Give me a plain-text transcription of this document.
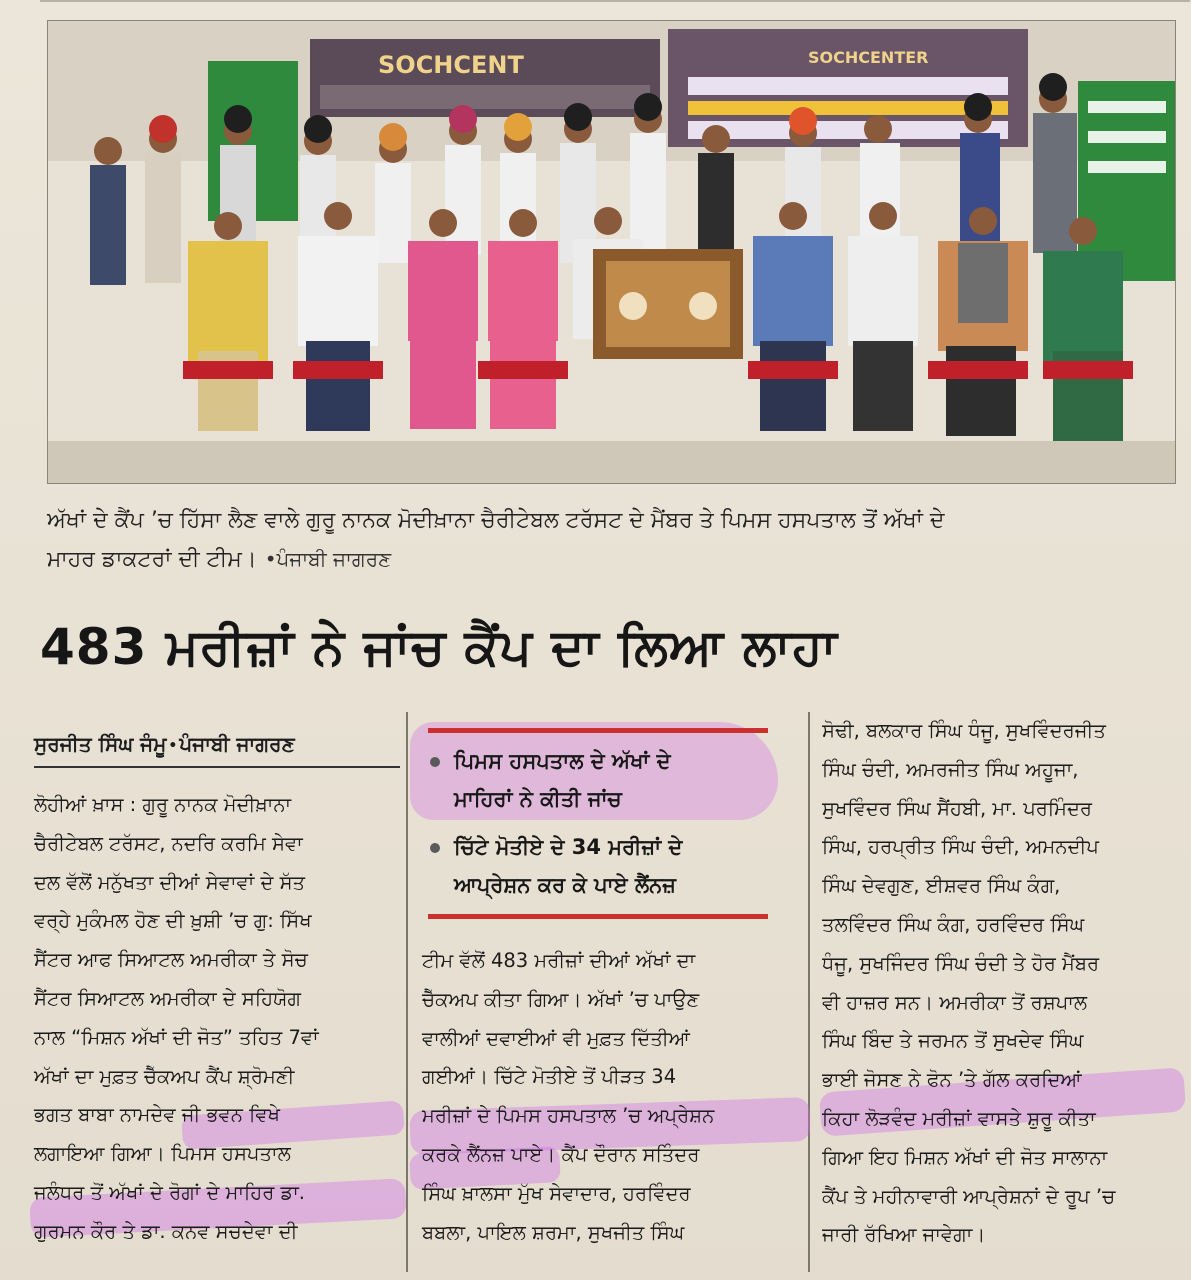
SOCHCENT	SOCHCENTER
ਅੱਖਾਂ ਦੇ ਕੈਂਪ ’ਚ ਹਿੱਸਾ ਲੈਣ ਵਾਲੇ ਗੁਰੂ ਨਾਨਕ ਮੋਦੀਖ਼ਾਨਾ ਚੈਰੀਟੇਬਲ ਟਰੱਸਟ ਦੇ ਮੈਂਬਰ ਤੇ ਪਿਮਸ ਹਸਪਤਾਲ ਤੋਂ ਅੱਖਾਂ ਦੇ
ਮਾਹਰ ਡਾਕਟਰਾਂ ਦੀ ਟੀਮ। •ਪੰਜਾਬੀ ਜਾਗਰਣ
483 ਮਰੀਜ਼ਾਂ ਨੇ ਜਾਂਚ ਕੈਂਪ ਦਾ ਲਿਆ ਲਾਹਾ
ਸੁਰਜੀਤ ਸਿੰਘ ਜੰਮੂ • ਪੰਜਾਬੀ ਜਾਗਰਣ
ਪਿਮਸ ਹਸਪਤਾਲ ਦੇ ਅੱਖਾਂ ਦੇ
ਮਾਹਿਰਾਂ ਨੇ ਕੀਤੀ ਜਾਂਚ
ਚਿੱਟੇ ਮੋਤੀਏ ਦੇ 34 ਮਰੀਜ਼ਾਂ ਦੇ
ਆਪ੍ਰੇਸ਼ਨ ਕਰ ਕੇ ਪਾਏ ਲੈਂਨਜ਼

ਲੋਹੀਆਂ ਖ਼ਾਸ : ਗੁਰੂ ਨਾਨਕ ਮੋਦੀਖ਼ਾਨਾ

ਚੈਰੀਟੇਬਲ ਟਰੱਸਟ, ਨਦਰਿ ਕਰਮਿ ਸੇਵਾ

ਦਲ ਵੱਲੋਂ ਮਨੁੱਖਤਾ ਦੀਆਂ ਸੇਵਾਵਾਂ ਦੇ ਸੱਤ

ਵਰ੍ਹੇ ਮੁਕੰਮਲ ਹੋਣ ਦੀ ਖ਼ੁਸ਼ੀ ’ਚ ਗੁ: ਸਿੱਖ

ਸੈਂਟਰ ਆਫ ਸਿਆਟਲ ਅਮਰੀਕਾ ਤੇ ਸੋਚ

ਸੈਂਟਰ ਸਿਆਟਲ ਅਮਰੀਕਾ ਦੇ ਸਹਿਯੋਗ

ਨਾਲ “ਮਿਸ਼ਨ ਅੱਖਾਂ ਦੀ ਜੋਤ” ਤਹਿਤ 7ਵਾਂ

ਅੱਖਾਂ ਦਾ ਮੁਫ਼ਤ ਚੈੱਕਅਪ ਕੈਂਪ ਸ਼੍ਰੋਮਣੀ

ਭਗਤ ਬਾਬਾ ਨਾਮਦੇਵ ਜੀ ਭਵਨ ਵਿਖੇ

ਲਗਾਇਆ ਗਿਆ। ਪਿਮਸ ਹਸਪਤਾਲ

ਜਲੰਧਰ ਤੋਂ ਅੱਖਾਂ ਦੇ ਰੋਗਾਂ ਦੇ ਮਾਹਿਰ ਡਾ.

ਗੁਰਮਨ ਕੌਰ ਤੇ ਡਾ. ਕਨਵ ਸਚਦੇਵਾ ਦੀ

ਟੀਮ ਵੱਲੋਂ 483 ਮਰੀਜ਼ਾਂ ਦੀਆਂ ਅੱਖਾਂ ਦਾ

ਚੈੱਕਅਪ ਕੀਤਾ ਗਿਆ। ਅੱਖਾਂ ’ਚ ਪਾਉਣ

ਵਾਲੀਆਂ ਦਵਾਈਆਂ ਵੀ ਮੁਫ਼ਤ ਦਿੱਤੀਆਂ

ਗਈਆਂ। ਚਿੱਟੇ ਮੋਤੀਏ ਤੋਂ ਪੀੜਤ 34

ਮਰੀਜ਼ਾਂ ਦੇ ਪਿਮਸ ਹਸਪਤਾਲ ’ਚ ਅਪ੍ਰੇਸ਼ਨ

ਕਰਕੇ ਲੈਂਨਜ਼ ਪਾਏ। ਕੈਂਪ ਦੌਰਾਨ ਸਤਿੰਦਰ

ਸਿੰਘ ਖ਼ਾਲਸਾ ਮੁੱਖ ਸੇਵਾਦਾਰ, ਹਰਵਿੰਦਰ

ਬਬਲਾ, ਪਾਇਲ ਸ਼ਰਮਾ, ਸੁਖਜੀਤ ਸਿੰਘ

ਸੋਢੀ, ਬਲਕਾਰ ਸਿੰਘ ਧੰਜੂ, ਸੁਖਵਿੰਦਰਜੀਤ

ਸਿੰਘ ਚੰਦੀ, ਅਮਰਜੀਤ ਸਿੰਘ ਅਹੂਜਾ,

ਸੁਖਵਿੰਦਰ ਸਿੰਘ ਸੈਂਹਬੀ, ਮਾ. ਪਰਮਿੰਦਰ

ਸਿੰਘ, ਹਰਪ੍ਰੀਤ ਸਿੰਘ ਚੰਦੀ, ਅਮਨਦੀਪ

ਸਿੰਘ ਦੇਵਗੁਣ, ਈਸ਼ਵਰ ਸਿੰਘ ਕੰਗ,

ਤਲਵਿੰਦਰ ਸਿੰਘ ਕੰਗ, ਹਰਵਿੰਦਰ ਸਿੰਘ

ਧੰਜੂ, ਸੁਖਜਿੰਦਰ ਸਿੰਘ ਚੰਦੀ ਤੇ ਹੋਰ ਮੈਂਬਰ

ਵੀ ਹਾਜ਼ਰ ਸਨ। ਅਮਰੀਕਾ ਤੋਂ ਰਸ਼ਪਾਲ

ਸਿੰਘ ਬਿੰਦ ਤੇ ਜਰਮਨ ਤੋਂ ਸੁਖਦੇਵ ਸਿੰਘ

ਭਾਈ ਜੋਸਣ ਨੇ ਫੋਨ ’ਤੇ ਗੱਲ ਕਰਦਿਆਂ

ਕਿਹਾ ਲੋੜਵੰਦ ਮਰੀਜ਼ਾਂ ਵਾਸਤੇ ਸ਼ੁਰੂ ਕੀਤਾ

ਗਿਆ ਇਹ ਮਿਸ਼ਨ ਅੱਖਾਂ ਦੀ ਜੋਤ ਸਾਲਾਨਾ

ਕੈਂਪ ਤੇ ਮਹੀਨਾਵਾਰੀ ਆਪ੍ਰੇਸ਼ਨਾਂ ਦੇ ਰੂਪ ’ਚ

ਜਾਰੀ ਰੱਖਿਆ ਜਾਵੇਗਾ।
